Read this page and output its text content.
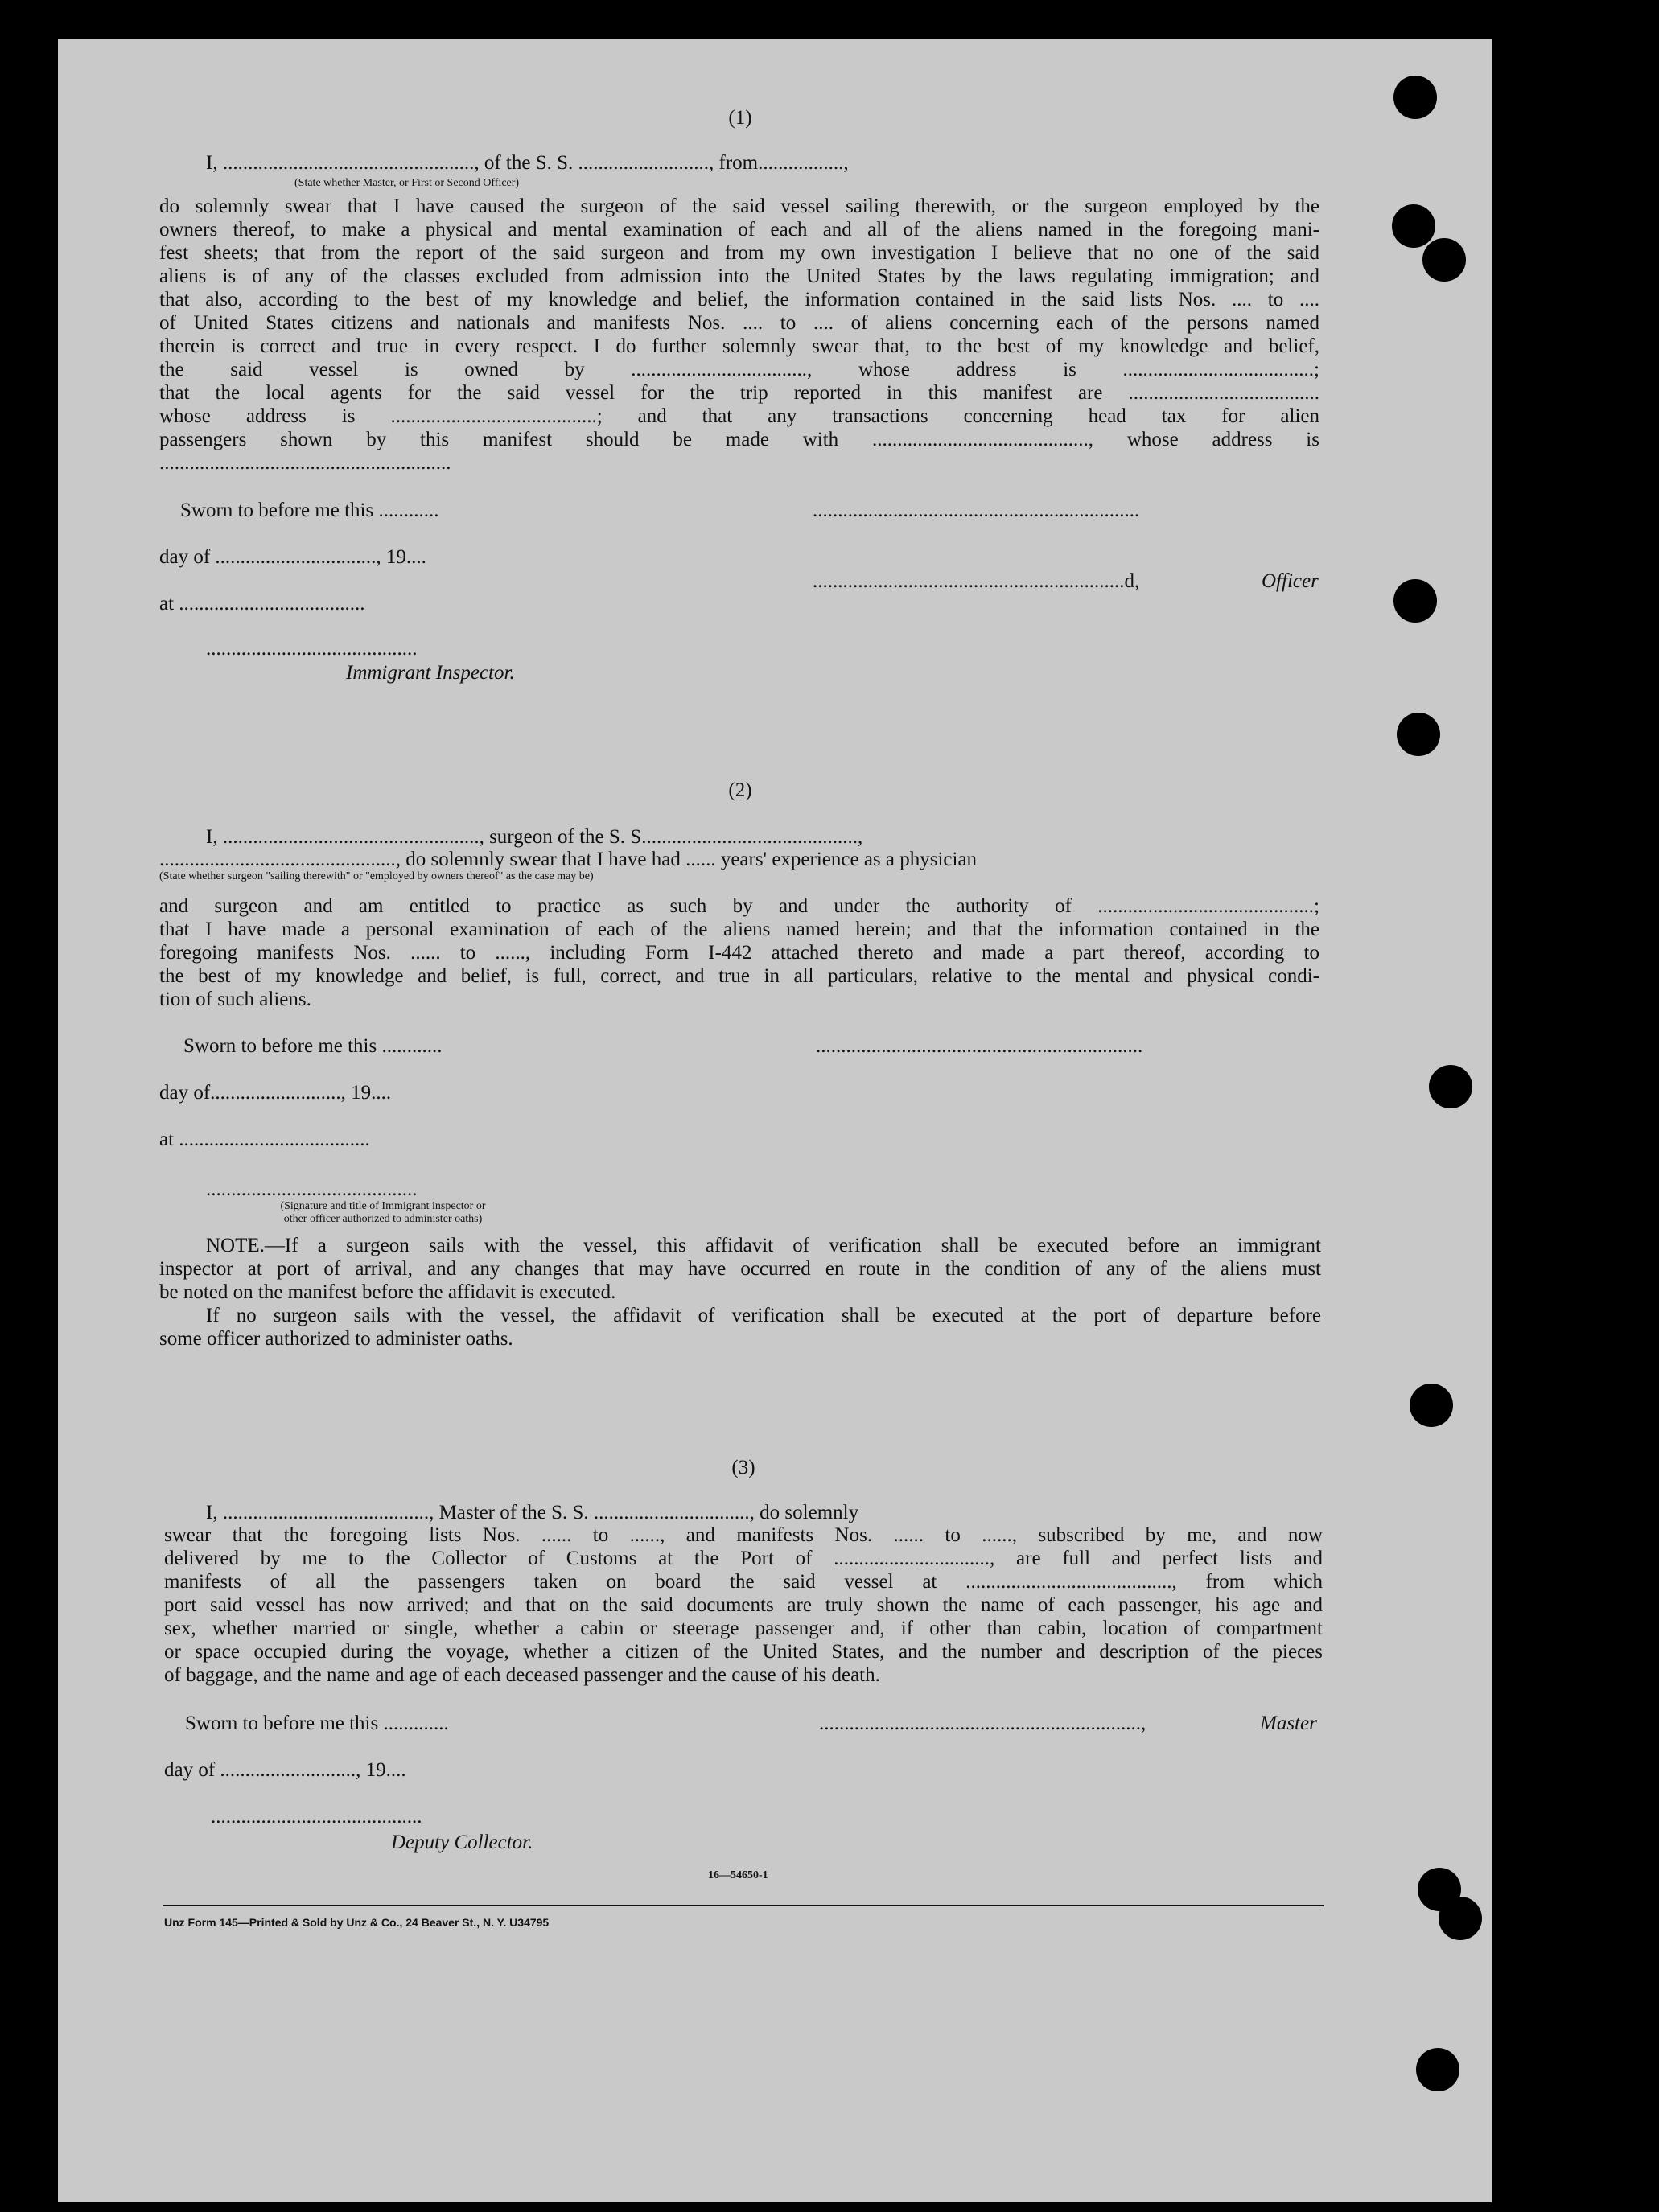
(1)
I, .................................................., of the S. S. .........................., from.................,
(State whether Master, or First or Second Officer)
do solemnly swear that I have caused the surgeon of the said vessel sailing therewith, or the surgeon employed by the
owners thereof, to make a physical and mental examination of each and all of the aliens named in the foregoing mani-
fest sheets; that from the report of the said surgeon and from my own investigation I believe that no one of the said
aliens is of any of the classes excluded from admission into the United States by the laws regulating immigration; and
that also, according to the best of my knowledge and belief, the information contained in the said lists Nos. .... to ....
of United States citizens and nationals and manifests Nos. .... to .... of aliens concerning each of the persons named
therein is correct and true in every respect. I do further solemnly swear that, to the best of my knowledge and belief,
the said vessel is owned by ..................................., whose address is ......................................;
that the local agents for the said vessel for the trip reported in this manifest are ......................................
whose address is .........................................; and that any transactions concerning head tax for alien
passengers shown by this manifest should be made with ..........................................., whose address is
..........................................................
Sworn to before me this ............	.................................................................
day of ................................, 19....
..............................................................d,	Officer
at .....................................
..........................................
Immigrant Inspector.
(2)
I, ..................................................., surgeon of the S. S...........................................,
..............................................., do solemnly swear that I have had ...... years' experience as a physician
(State whether surgeon "sailing therewith" or "employed by owners thereof" as the case may be)
and surgeon and am entitled to practice as such by and under the authority of ...........................................;
that I have made a personal examination of each of the aliens named herein; and that the information contained in the
foregoing manifests Nos. ...... to ......, including Form I-442 attached thereto and made a part thereof, according to
the best of my knowledge and belief, is full, correct, and true in all particulars, relative to the mental and physical condi-
tion of such aliens.
Sworn to before me this ............	.................................................................
day of.........................., 19....
at ......................................
..........................................
(Signature and title of Immigrant inspector or
other officer authorized to administer oaths)
NOTE.—If a surgeon sails with the vessel, this affidavit of verification shall be executed before an immigrant
inspector at port of arrival, and any changes that may have occurred en route in the condition of any of the aliens must
be noted on the manifest before the affidavit is executed.
If no surgeon sails with the vessel, the affidavit of verification shall be executed at the port of departure before
some officer authorized to administer oaths.
(3)
I, ........................................., Master of the S. S. ..............................., do solemnly
swear that the foregoing lists Nos. ...... to ......, and manifests Nos. ...... to ......, subscribed by me, and now
delivered by me to the Collector of Customs at the Port of ..............................., are full and perfect lists and
manifests of all the passengers taken on board the said vessel at ........................................., from which
port said vessel has now arrived; and that on the said documents are truly shown the name of each passenger, his age and
sex, whether married or single, whether a cabin or steerage passenger and, if other than cabin, location of compartment
or space occupied during the voyage, whether a citizen of the United States, and the number and description of the pieces
of baggage, and the name and age of each deceased passenger and the cause of his death.
Sworn to before me this .............	................................................................,	Master
day of ..........................., 19....
..........................................
Deputy Collector.
16—54650-1
Unz Form 145—Printed & Sold by Unz & Co., 24 Beaver St., N. Y. U34795
